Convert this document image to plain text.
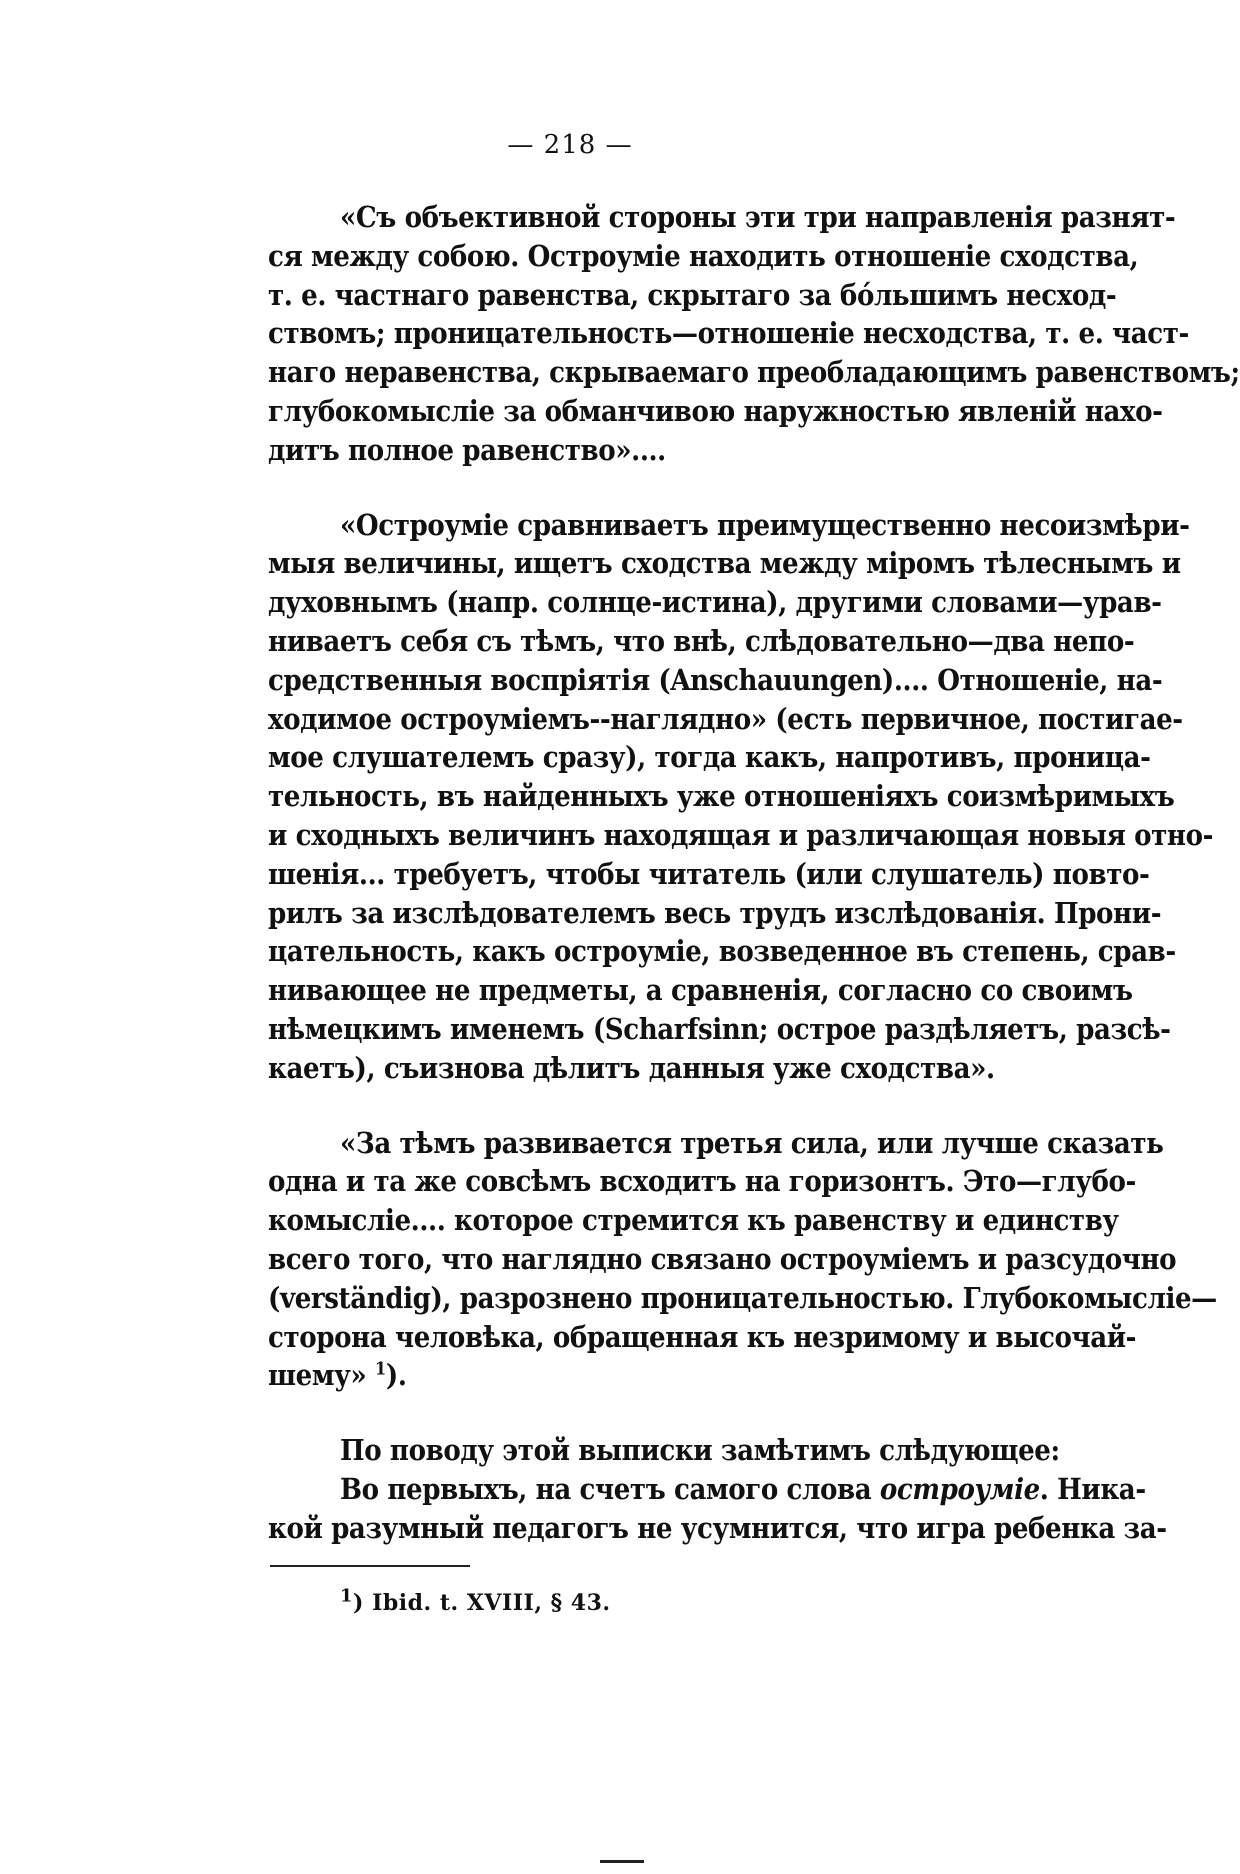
— 218 —

«Съ объективной стороны эти три направленія разнят-
ся между собою. Остроуміе находить отношеніе сходства,
т. е. частнаго равенства, скрытаго за бо́льшимъ несход-
ствомъ; проницательность—отношеніе несходства, т. е. част-
наго неравенства, скрываемаго преобладающимъ равенствомъ;
глубокомысліе за обманчивою наружностью явленій нахо-
дитъ полное равенство»....

«Остроуміе сравниваетъ преимущественно несоизмѣри-
мыя величины, ищетъ сходства между міромъ тѣлеснымъ и
духовнымъ (напр. солнце-истина), другими словами—урав-
ниваетъ себя съ тѣмъ, что внѣ, слѣдовательно—два непо-
средственныя воспріятія (Anschauungen).... Отношеніе, на-
ходимое остроуміемъ--наглядно» (есть первичное, постигае-
мое слушателемъ сразу), тогда какъ, напротивъ, проница-
тельность, въ найденныхъ уже отношеніяхъ соизмѣримыхъ
и сходныхъ величинъ находящая и различающая новыя отно-
шенія... требуетъ, чтобы читатель (или слушатель) повто-
рилъ за изслѣдователемъ весь трудъ изслѣдованія. Прони-
цательность, какъ остроуміе, возведенное въ степень, срав-
нивающее не предметы, а сравненія, согласно со своимъ
нѣмецкимъ именемъ (Scharfsinn; острое раздѣляетъ, разсѣ-
каетъ), съизнова дѣлитъ данныя уже сходства».

«За тѣмъ развивается третья сила, или лучше сказать
одна и та же совсѣмъ всходитъ на горизонтъ. Это—глубо-
комысліе.... которое стремится къ равенству и единству
всего того, что наглядно связано остроуміемъ и разсудочно
(verständig), разрознено проницательностью. Глубокомысліе—
сторона человѣка, обращенная къ незримому и высочай-
шему» $^1$).

По поводу этой выписки замѣтимъ слѣдующее:

Во первыхъ, на счетъ самого слова остроуміе. Ника-
кой разумный педагогъ не усумнится, что игра ребенка за-

$^1$) Ibid. t. XVIII, § 43.
